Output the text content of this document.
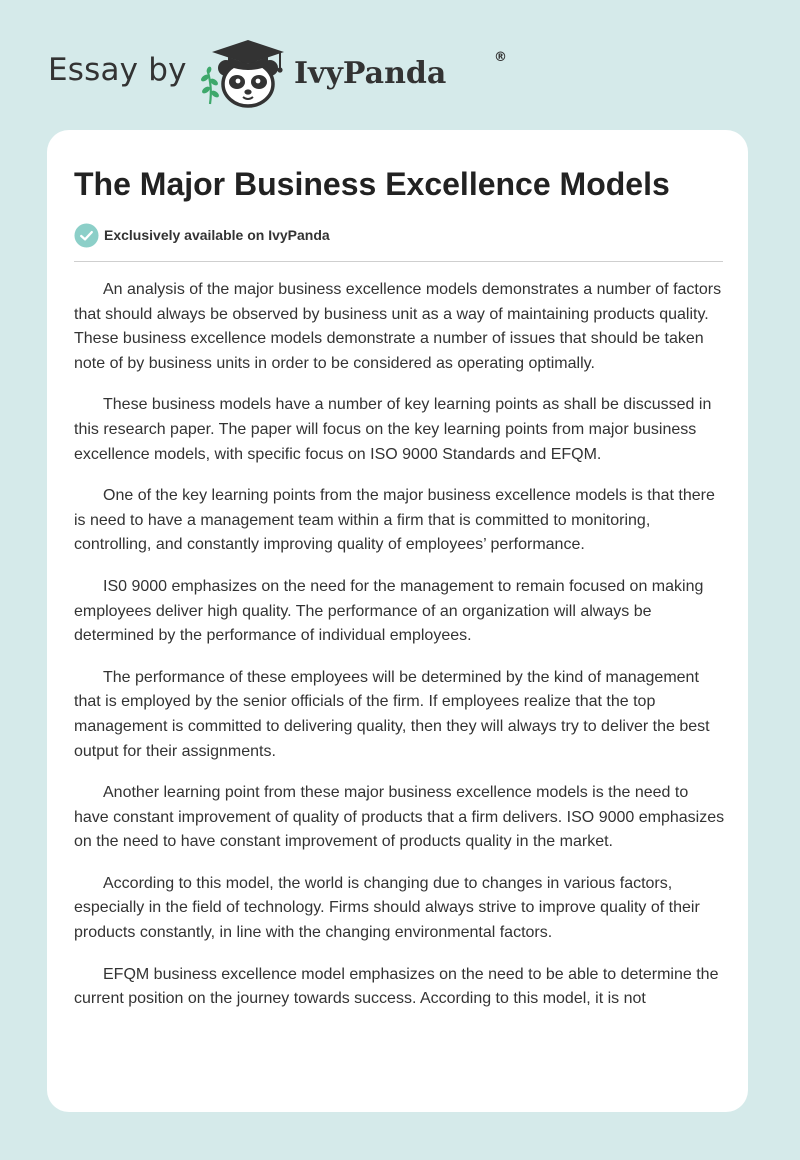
Essay by	IvyPanda	®
The Major Business Excellence Models
Exclusively available on IvyPanda

An analysis of the major business excellence models demonstrates a number of factors that should always be observed by business unit as a way of maintaining products quality. These business excellence models demonstrate a number of issues that should be taken note of by business units in order to be considered as operating optimally.

These business models have a number of key learning points as shall be discussed in this research paper. The paper will focus on the key learning points from major business excellence models, with specific focus on ISO 9000 Standards and EFQM.

One of the key learning points from the major business excellence models is that there is need to have a management team within a firm that is committed to monitoring, controlling, and constantly improving quality of employees’ performance.

IS0 9000 emphasizes on the need for the management to remain focused on making employees deliver high quality. The performance of an organization will always be determined by the performance of individual employees.

The performance of these employees will be determined by the kind of management that is employed by the senior officials of the firm. If employees realize that the top management is committed to delivering quality, then they will always try to deliver the best output for their assignments.

Another learning point from these major business excellence models is the need to have constant improvement of quality of products that a firm delivers. ISO 9000 emphasizes on the need to have constant improvement of products quality in the market.

According to this model, the world is changing due to changes in various factors, especially in the field of technology. Firms should always strive to improve quality of their products constantly, in line with the changing environmental factors.

EFQM business excellence model emphasizes on the need to be able to determine the current position on the journey towards success. According to this model, it is not
